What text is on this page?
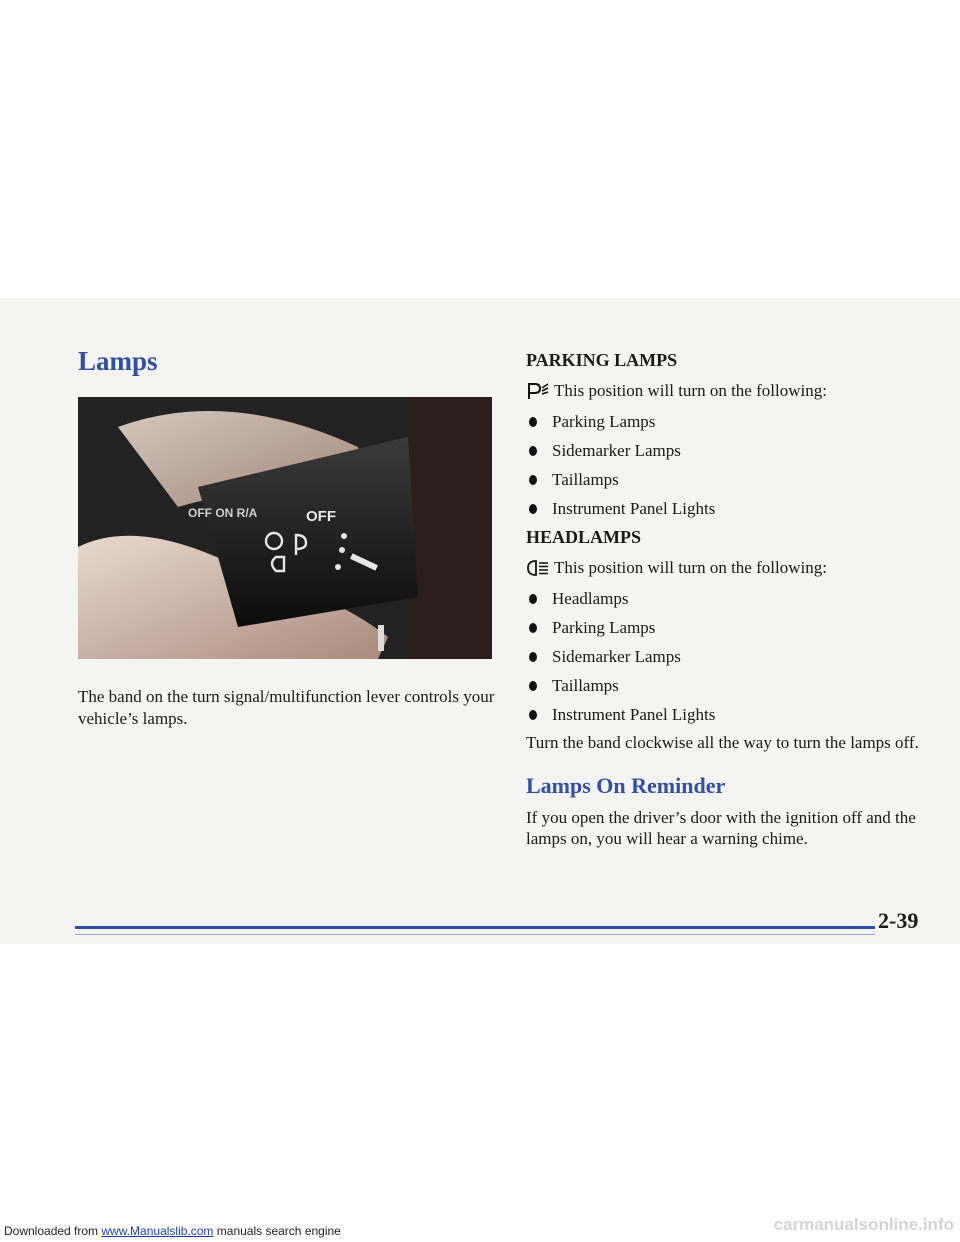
Lamps
OFF ON R/A	OFF

The band on the turn signal/multifunction lever controls your vehicle’s lamps.

PARKING LAMPS
This position will turn on the following:
Parking Lamps
Sidemarker Lamps
Taillamps
Instrument Panel Lights
HEADLAMPS
This position will turn on the following:
Headlamps
Parking Lamps
Sidemarker Lamps
Taillamps
Instrument Panel Lights

Turn the band clockwise all the way to turn the lamps off.

Lamps On Reminder

If you open the driver’s door with the ignition off and the lamps on, you will hear a warning chime.

2-39

Downloaded from www.Manualslib.com manuals search engine	carmanualsonline.info
